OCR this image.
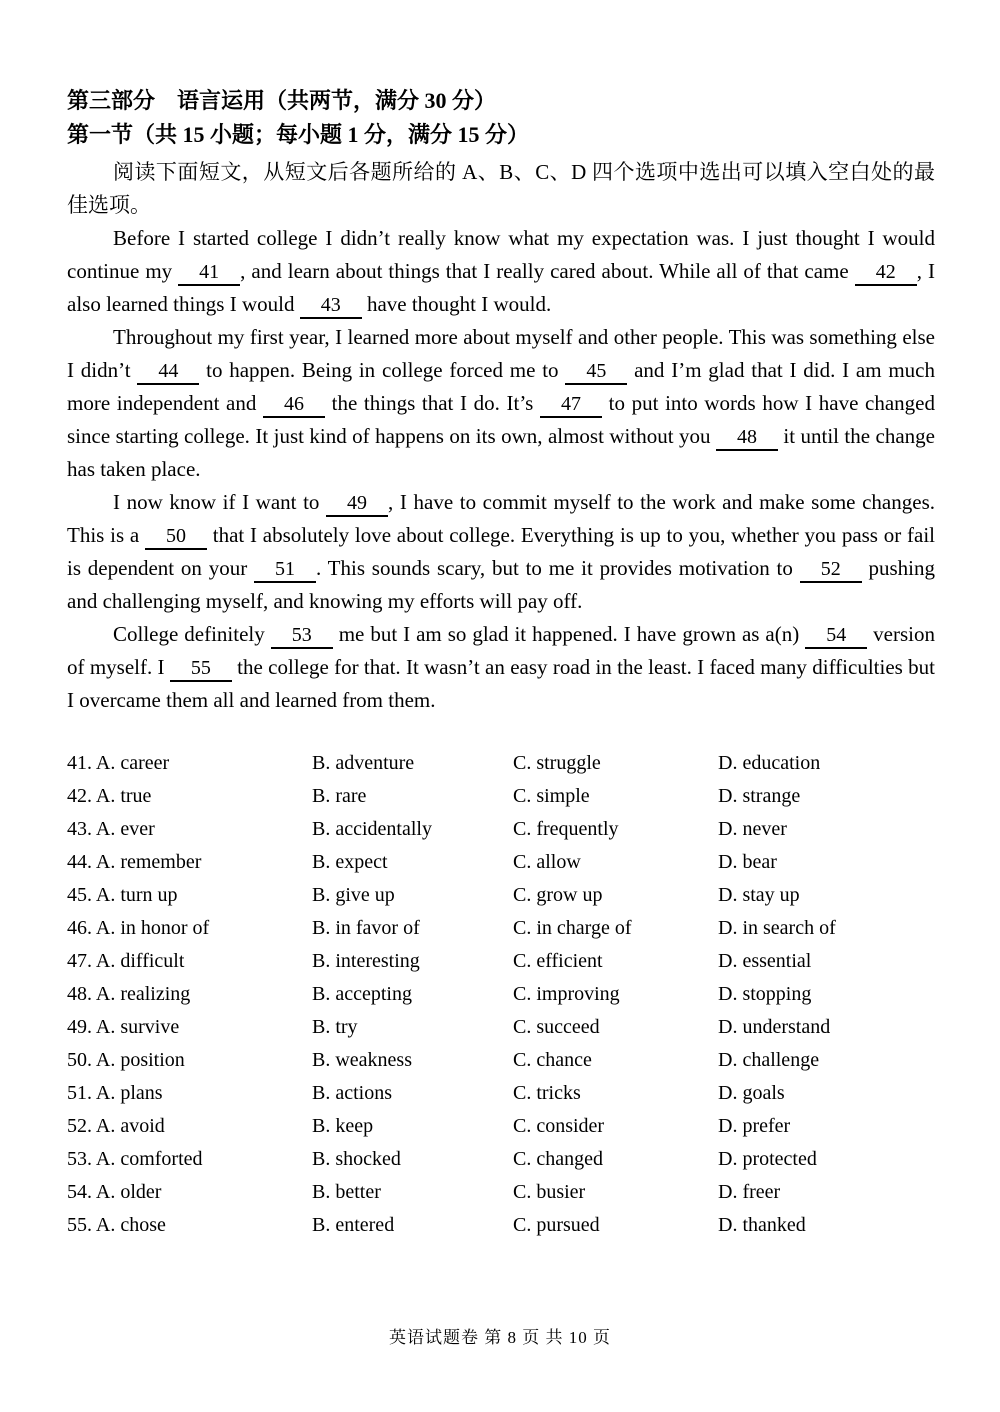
第三部分　语言运用（共两节，满分 30 分）
第一节（共 15 小题；每小题 1 分，满分 15 分）

阅读下面短文，从短文后各题所给的 A、B、C、D 四个选项中选出可以填入空白处的最佳选项。

Before I started college I didn’t really know what my expectation was. I just thought I would continue my 41 , and learn about things that I really cared about. While all of that came 42 , I also learned things I would 43 have thought I would.

Throughout my first year, I learned more about myself and other people. This was something else I didn’t 44 to happen. Being in college forced me to 45 and I’m glad that I did. I am much more independent and 46 the things that I do. It’s 47 to put into words how I have changed since starting college. It just kind of happens on its own, almost without you 48 it until the change has taken place.

I now know if I want to 49 , I have to commit myself to the work and make some changes. This is a 50 that I absolutely love about college. Everything is up to you, whether you pass or fail is dependent on your 51 . This sounds scary, but to me it provides motivation to 52 pushing and challenging myself, and knowing my efforts will pay off.

College definitely 53 me but I am so glad it happened. I have grown as a(n) 54 version of myself. I 55 the college for that. It wasn’t an easy road in the least. I faced many difficulties but I overcame them all and learned from them.

41. A. career	B. adventure	C. struggle	D. education
42. A. true	B. rare	C. simple	D. strange
43. A. ever	B. accidentally	C. frequently	D. never
44. A. remember	B. expect	C. allow	D. bear
45. A. turn up	B. give up	C. grow up	D. stay up
46. A. in honor of	B. in favor of	C. in charge of	D. in search of
47. A. difficult	B. interesting	C. efficient	D. essential
48. A. realizing	B. accepting	C. improving	D. stopping
49. A. survive	B. try	C. succeed	D. understand
50. A. position	B. weakness	C. chance	D. challenge
51. A. plans	B. actions	C. tricks	D. goals
52. A. avoid	B. keep	C. consider	D. prefer
53. A. comforted	B. shocked	C. changed	D. protected
54. A. older	B. better	C. busier	D. freer
55. A. chose	B. entered	C. pursued	D. thanked
英语试题卷 第 8 页 共 10 页
